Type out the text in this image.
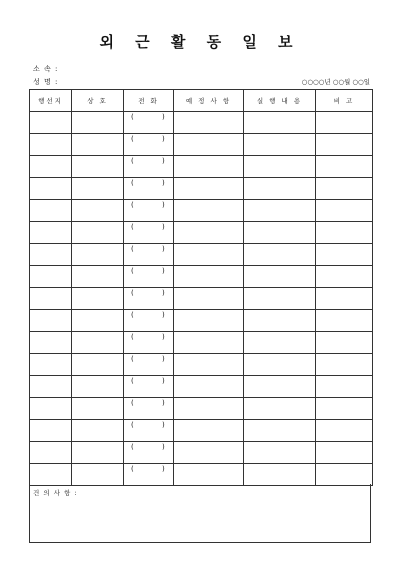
외 근 활 동 일 보
소 속 :
성 명 :	○○○○년 ○○월 ○○일
행선지	상 호	전 화	예 정 사 항	실 행 내 용	비 고

		( )			

		( )			

		( )			

		( )			

		( )			

		( )			

		( )			

		( )			

		( )			

		( )			

		( )			

		( )			

		( )			

		( )			

		( )			

		( )			

		( )			

건 의 사 항 :
